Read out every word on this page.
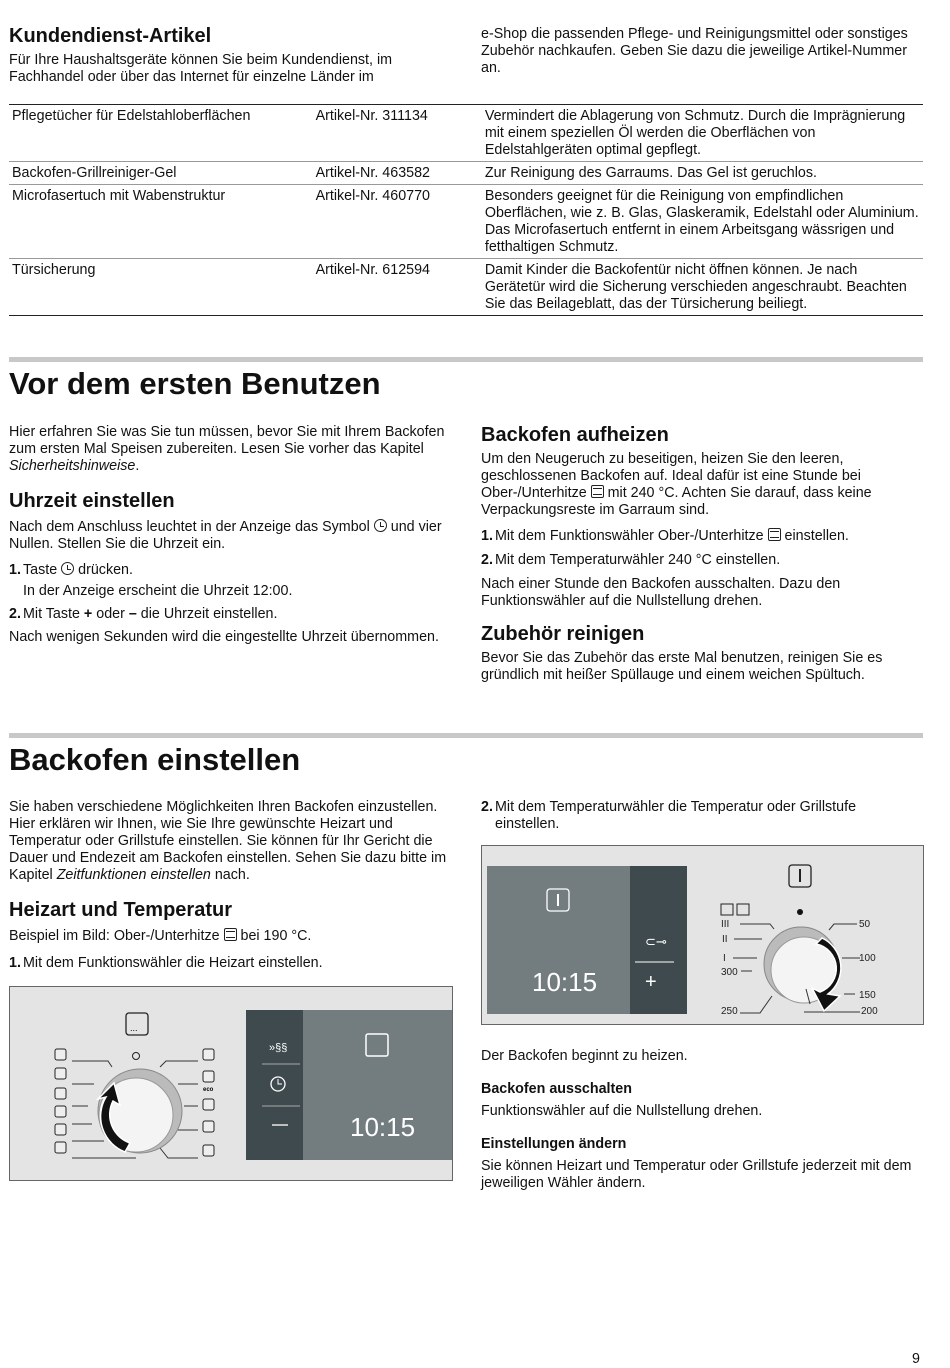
Kundendienst-Artikel

Für Ihre Haushaltsgeräte können Sie beim Kundendienst, im Fachhandel oder über das Internet für einzelne Länder im

e-Shop die passenden Pflege- und Reinigungsmittel oder sonstiges Zubehör nachkaufen. Geben Sie dazu die jeweilige Artikel-Nummer an.

Pflegetücher für Edelstahloberflächen	Artikel-Nr. 311134	Vermindert die Ablagerung von Schmutz. Durch die Imprägnierung mit einem speziellen Öl werden die Oberflächen von Edelstahlgeräten optimal gepflegt.
Backofen-Grillreiniger-Gel	Artikel-Nr. 463582	Zur Reinigung des Garraums. Das Gel ist geruchlos.
Microfasertuch mit Wabenstruktur	Artikel-Nr. 460770	Besonders geeignet für die Reinigung von empfindlichen Oberflächen, wie z. B. Glas, Glaskeramik, Edelstahl oder Aluminium. Das Microfasertuch entfernt in einem Arbeitsgang wässrigen und fetthaltigen Schmutz.
Türsicherung	Artikel-Nr. 612594	Damit Kinder die Backofentür nicht öffnen können. Je nach Gerätetür wird die Sicherung verschieden angeschraubt. Beachten Sie das Beilageblatt, das der Türsicherung beiliegt.
Vor dem ersten Benutzen

Hier erfahren Sie was Sie tun müssen, bevor Sie mit Ihrem Backofen zum ersten Mal Speisen zubereiten. Lesen Sie vorher das Kapitel Sicherheitshinweise.

Uhrzeit einstellen

Nach dem Anschluss leuchtet in der Anzeige das Symbol  und vier Nullen. Stellen Sie die Uhrzeit ein.

1. Taste  drücken.

In der Anzeige erscheint die Uhrzeit 12:00.

2. Mit Taste + oder – die Uhrzeit einstellen.

Nach wenigen Sekunden wird die eingestellte Uhrzeit übernommen.

Backofen aufheizen

Um den Neugeruch zu beseitigen, heizen Sie den leeren, geschlossenen Backofen auf. Ideal dafür ist eine Stunde bei Ober-/Unterhitze  mit 240 °C. Achten Sie darauf, dass keine Verpackungsreste im Garraum sind.

1. Mit dem Funktionswähler Ober-/Unterhitze  einstellen.

2. Mit dem Temperaturwähler 240 °C einstellen.

Nach einer Stunde den Backofen ausschalten. Dazu den Funktionswähler auf die Nullstellung drehen.

Zubehör reinigen

Bevor Sie das Zubehör das erste Mal benutzen, reinigen Sie es gründlich mit heißer Spüllauge und einem weichen Spültuch.

Backofen einstellen

Sie haben verschiedene Möglichkeiten Ihren Backofen einzustellen. Hier erklären wir Ihnen, wie Sie Ihre gewünschte Heizart und Temperatur oder Grillstufe einstellen. Sie können für Ihr Gericht die Dauer und Endezeit am Backofen einstellen. Sehen Sie dazu bitte im Kapitel Zeitfunktionen einstellen nach.

Heizart und Temperatur

Beispiel im Bild: Ober-/Unterhitze  bei 190 °C.

1. Mit dem Funktionswähler die Heizart einstellen.

...
eco
»§§
10:15

2. Mit dem Temperaturwähler die Temperatur oder Grillstufe einstellen.

10:15
⊂⊸
+
50
100
150
200
250
300
III
II
I

Der Backofen beginnt zu heizen.

Backofen ausschalten

Funktionswähler auf die Nullstellung drehen.

Einstellungen ändern

Sie können Heizart und Temperatur oder Grillstufe jederzeit mit dem jeweiligen Wähler ändern.

9
